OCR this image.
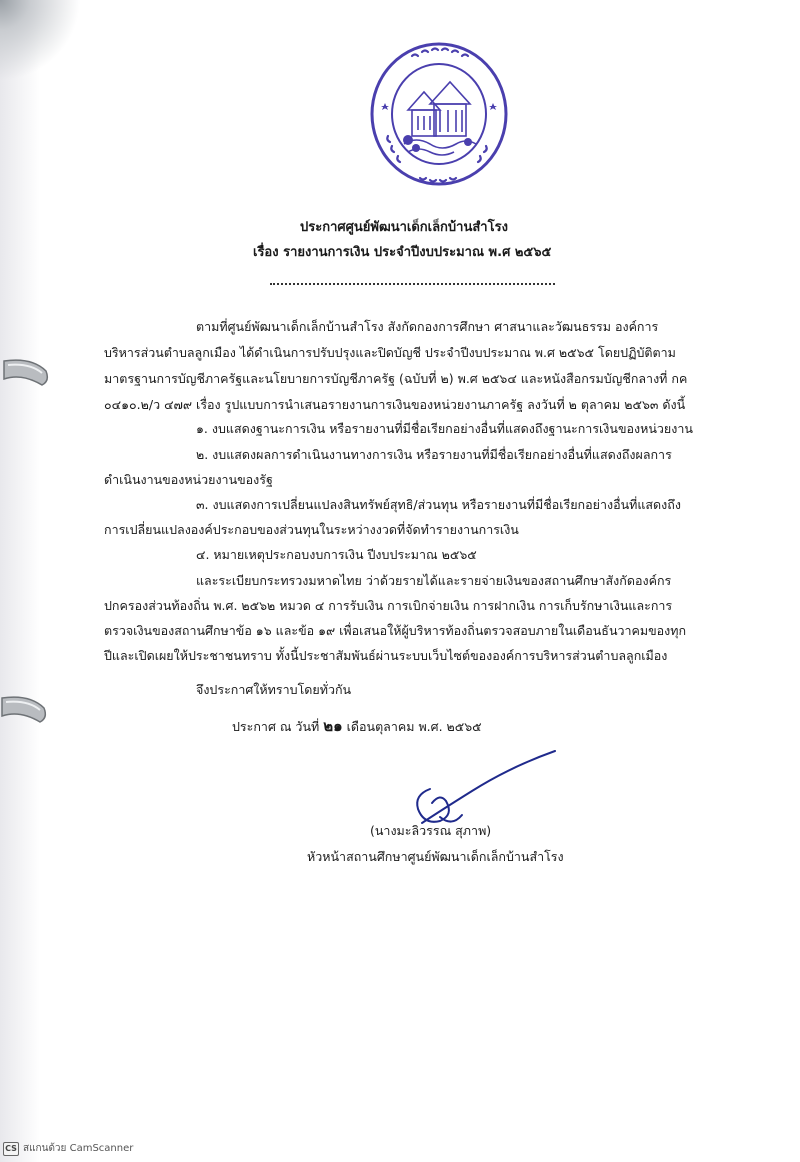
ประกาศศูนย์พัฒนาเด็กเล็กบ้านสำโรง
เรื่อง รายงานการเงิน ประจำปีงบประมาณ พ.ศ ๒๕๖๕
ตามที่ศูนย์พัฒนาเด็กเล็กบ้านสำโรง สังกัดกองการศึกษา ศาสนาและวัฒนธรรม องค์การ
บริหารส่วนตำบลลูกเมือง ได้ดำเนินการปรับปรุงและปิดบัญชี ประจำปีงบประมาณ พ.ศ ๒๕๖๕ โดยปฏิบัติตาม
มาตรฐานการบัญชีภาครัฐและนโยบายการบัญชีภาครัฐ (ฉบับที่ ๒) พ.ศ ๒๕๖๔ และหนังสือกรมบัญชีกลางที่ กค
๐๔๑๐.๒/ว ๔๗๙ เรื่อง รูปแบบการนำเสนอรายงานการเงินของหน่วยงานภาครัฐ ลงวันที่ ๒ ตุลาคม ๒๕๖๓ ดังนี้
๑. งบแสดงฐานะการเงิน หรือรายงานที่มีชื่อเรียกอย่างอื่นที่แสดงถึงฐานะการเงินของหน่วยงาน
๒. งบแสดงผลการดำเนินงานทางการเงิน หรือรายงานที่มีชื่อเรียกอย่างอื่นที่แสดงถึงผลการ
ดำเนินงานของหน่วยงานของรัฐ
๓. งบแสดงการเปลี่ยนแปลงสินทรัพย์สุทธิ/ส่วนทุน หรือรายงานที่มีชื่อเรียกอย่างอื่นที่แสดงถึง
การเปลี่ยนแปลงองค์ประกอบของส่วนทุนในระหว่างงวดที่จัดทำรายงานการเงิน
๔. หมายเหตุประกอบงบการเงิน ปีงบประมาณ ๒๕๖๕
และระเบียบกระทรวงมหาดไทย ว่าด้วยรายได้และรายจ่ายเงินของสถานศึกษาสังกัดองค์กร
ปกครองส่วนท้องถิ่น พ.ศ. ๒๕๖๒ หมวด ๔ การรับเงิน การเบิกจ่ายเงิน การฝากเงิน การเก็บรักษาเงินและการ
ตรวจเงินของสถานศึกษาข้อ ๑๖ และข้อ ๑๙ เพื่อเสนอให้ผู้บริหารท้องถิ่นตรวจสอบภายในเดือนธันวาคมของทุก
ปีและเปิดเผยให้ประชาชนทราบ ทั้งนี้ประชาสัมพันธ์ผ่านระบบเว็บไซต์ขององค์การบริหารส่วนตำบลลูกเมือง
จึงประกาศให้ทราบโดยทั่วกัน
ประกาศ ณ วันที่ ๒๑ เดือนตุลาคม พ.ศ. ๒๕๖๕
(นางมะลิวรรณ สุภาพ)
หัวหน้าสถานศึกษาศูนย์พัฒนาเด็กเล็กบ้านสำโรง
CS สแกนด้วย CamScanner
